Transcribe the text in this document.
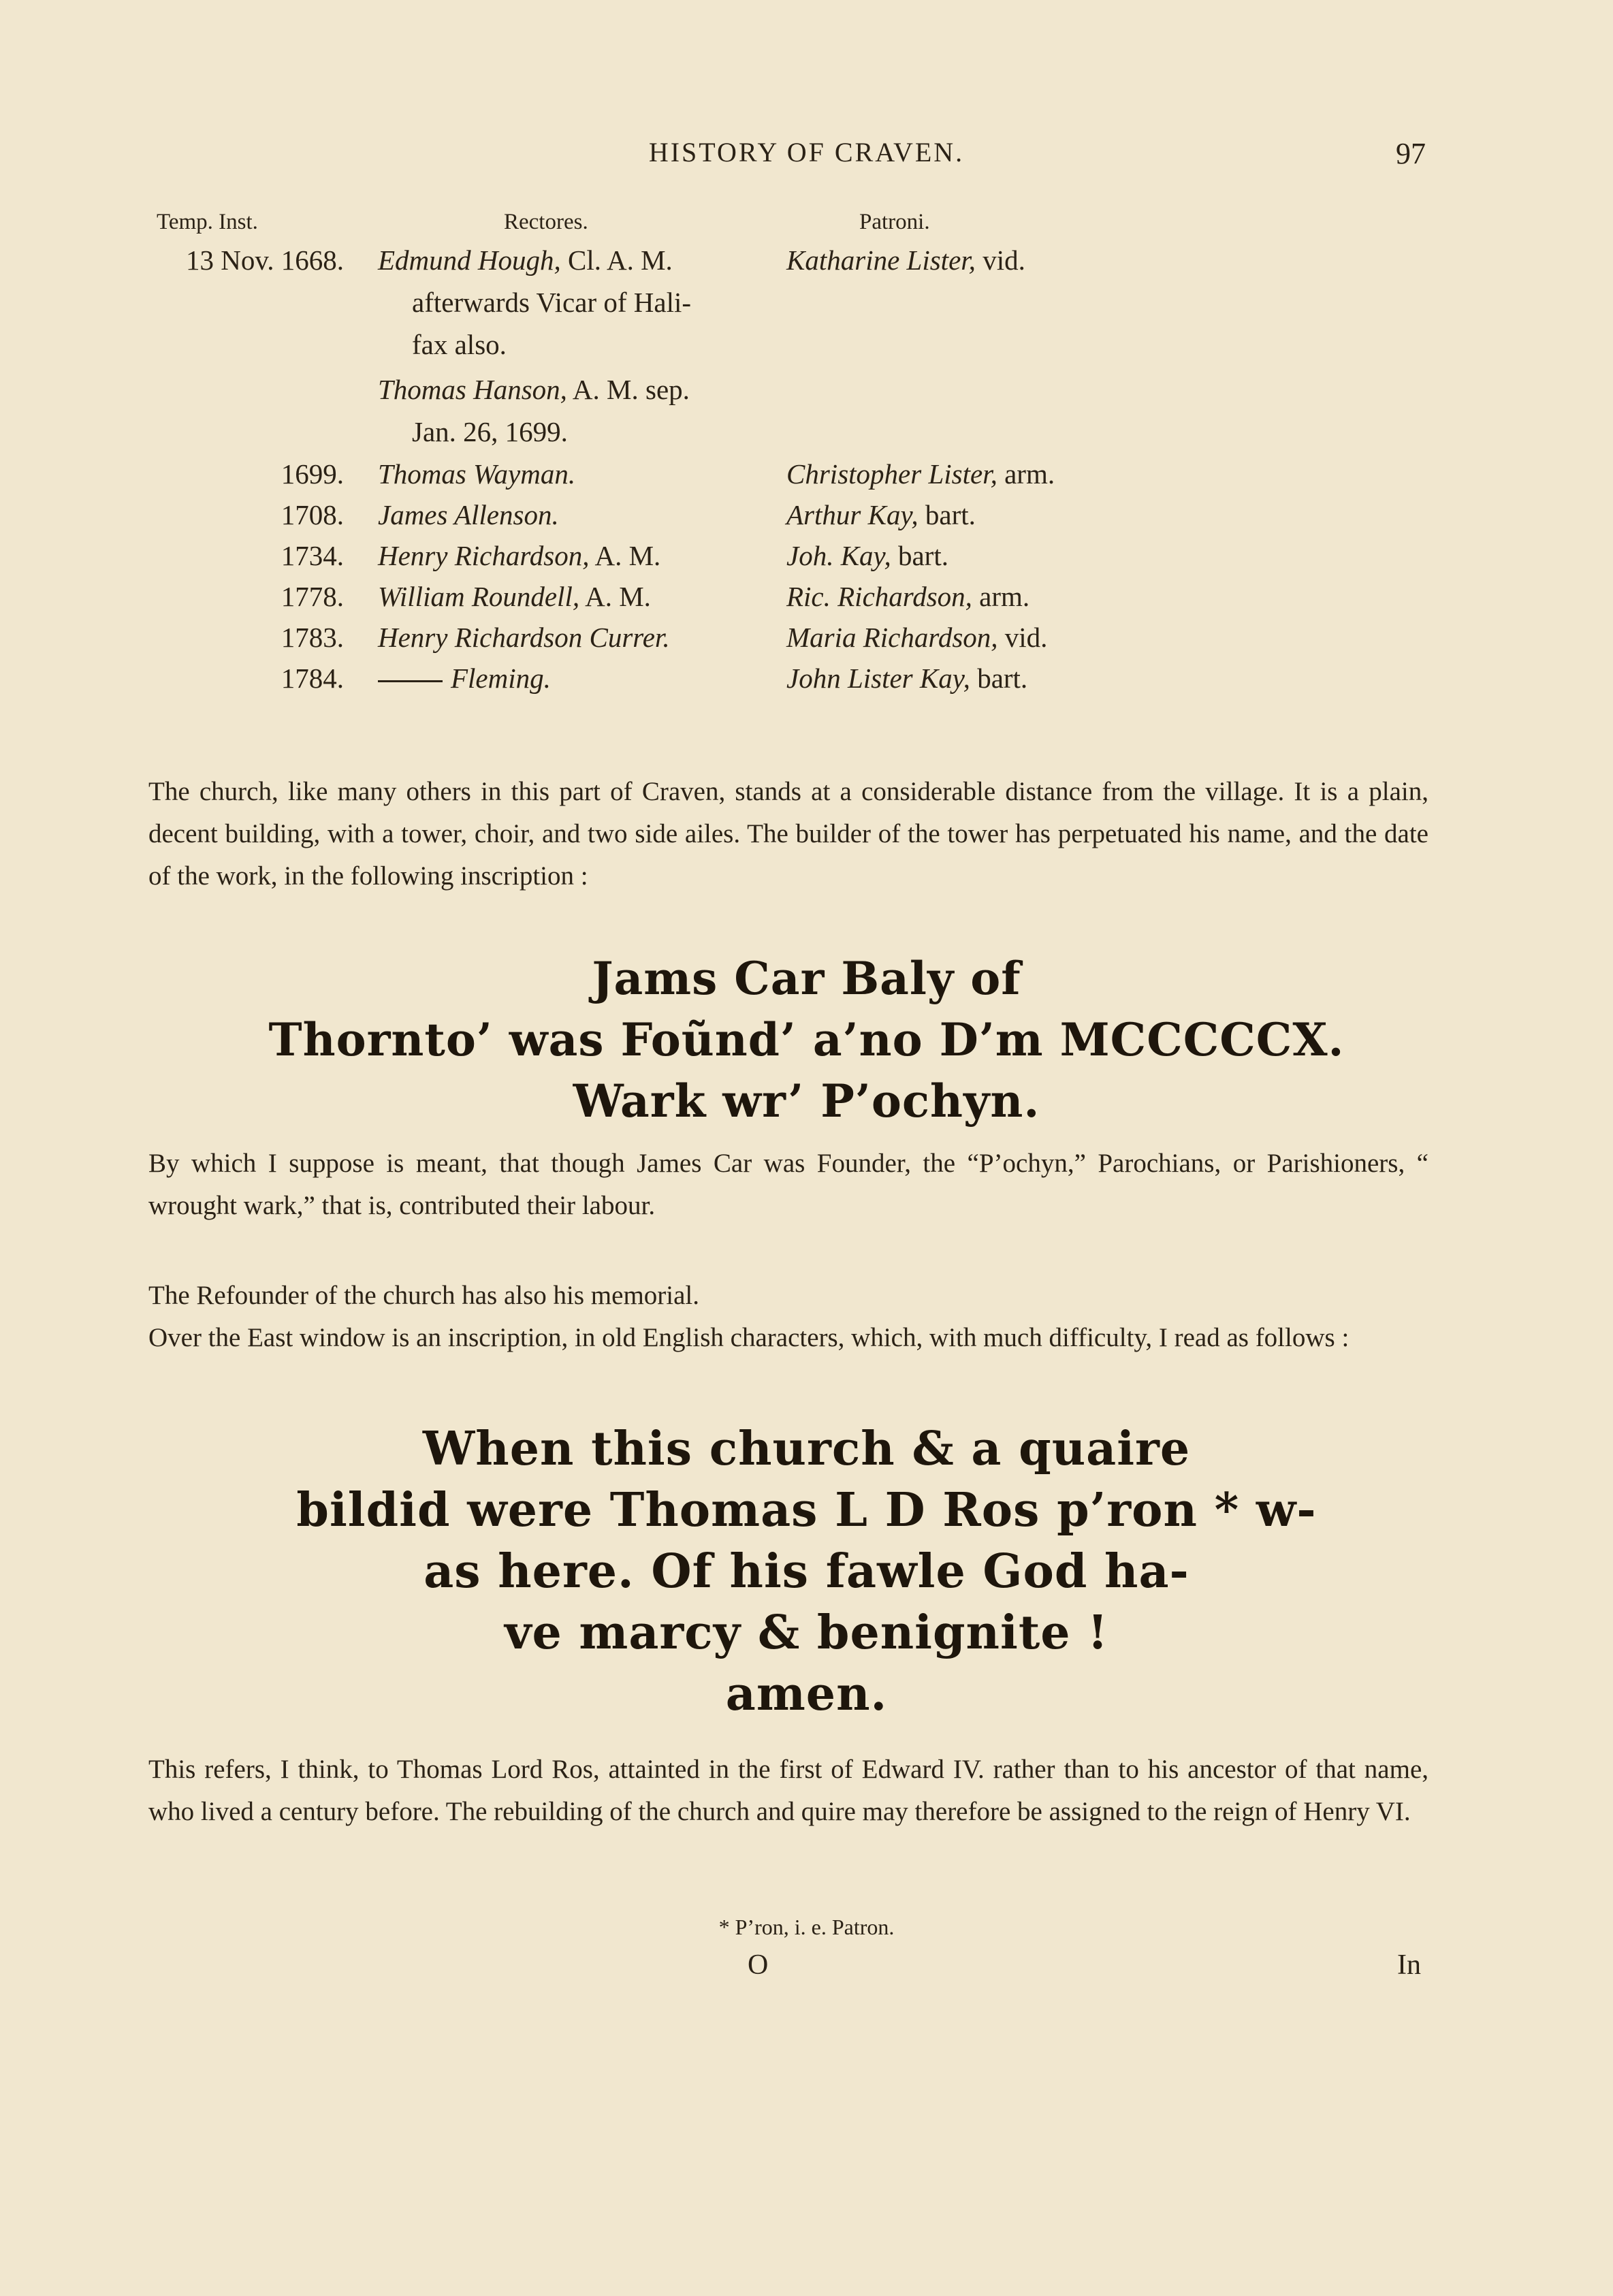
HISTORY OF CRAVEN.	97
Temp. Inst.	Rectores.	Patroni.
13 Nov. 1668. Edmund Hough, Cl. A. M.	Katharine Lister, vid.
afterwards Vicar of Hali-
fax also.
Thomas Hanson, A. M. sep.
Jan. 26, 1699.
1699. Thomas Wayman.	Christopher Lister, arm.
1708. James Allenson.	Arthur Kay, bart.
1734. Henry Richardson, A. M.	Joh. Kay, bart.
1778. William Roundell, A. M.	Ric. Richardson, arm.
1783. Henry Richardson Currer.	Maria Richardson, vid.
1784.	Fleming.	John Lister Kay, bart.
The church, like many others in this part of Craven, stands at a considerable distance from the village. It is a plain, decent building, with a tower, choir, and two side ailes. The builder of the tower has perpetuated his name, and the date of the work, in the following inscription :
Jams Car Baly of
Thornto’ was Foũnd’ a’no D’m MCCCCCX.
Wark wr’ P’ochyn.
By which I suppose is meant, that though James Car was Founder, the “P’ochyn,” Parochians, or Parishioners, “ wrought wark,” that is, contributed their labour.
The Refounder of the church has also his memorial.
Over the East window is an inscription, in old English characters, which, with much difficulty, I read as follows :
When this church & a quaire
bildid were Thomas L D Ros p’ron * w-
as here. Of his fawle God ha-
ve marcy & benignite !
amen.
This refers, I think, to Thomas Lord Ros, attainted in the first of Edward IV. rather than to his ancestor of that name, who lived a century before. The rebuilding of the church and quire may therefore be assigned to the reign of Henry VI.
* P’ron, i. e. Patron.
O	In
